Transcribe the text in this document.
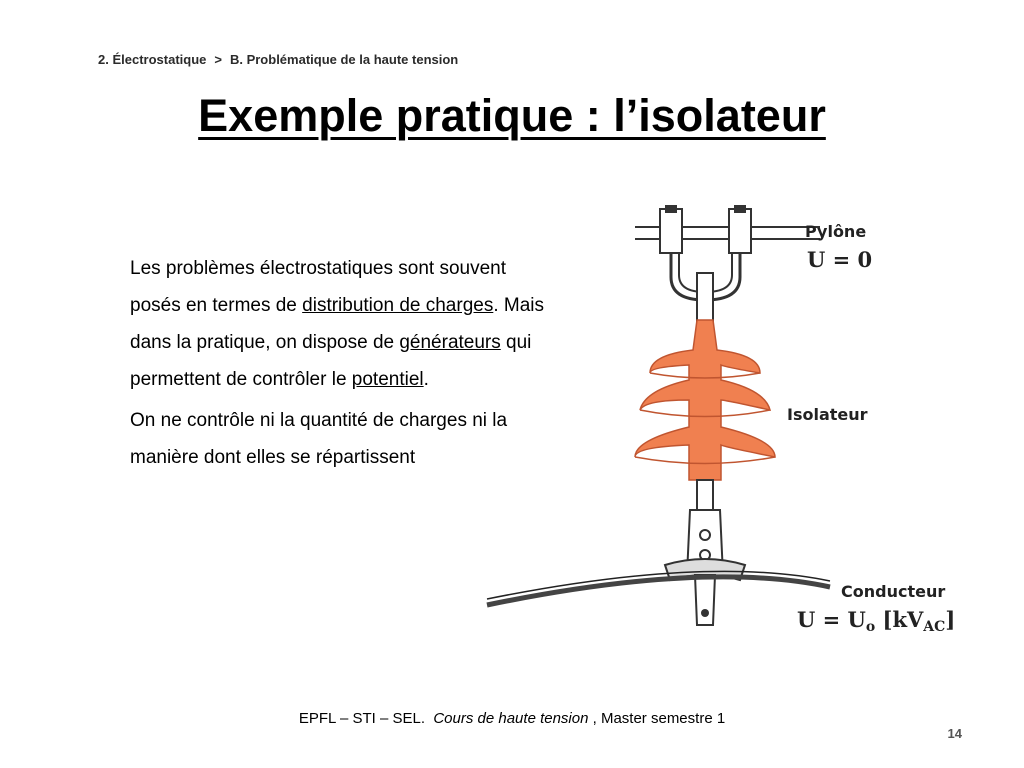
2. Électrostatique > B. Problématique de la haute tension
Exemple pratique : l’isolateur

Les problèmes électrostatiques sont souvent posés en termes de distribution de charges. Mais dans la pratique, on dispose de générateurs qui permettent de contrôler le potentiel.

On ne contrôle ni la quantité de charges ni la manière dont elles se répartissent

Pylône
U = 0
Isolateur
Conducteur
U = Uo [kVAC]
EPFL – STI – SEL. Cours de haute tension , Master semestre 1
14
